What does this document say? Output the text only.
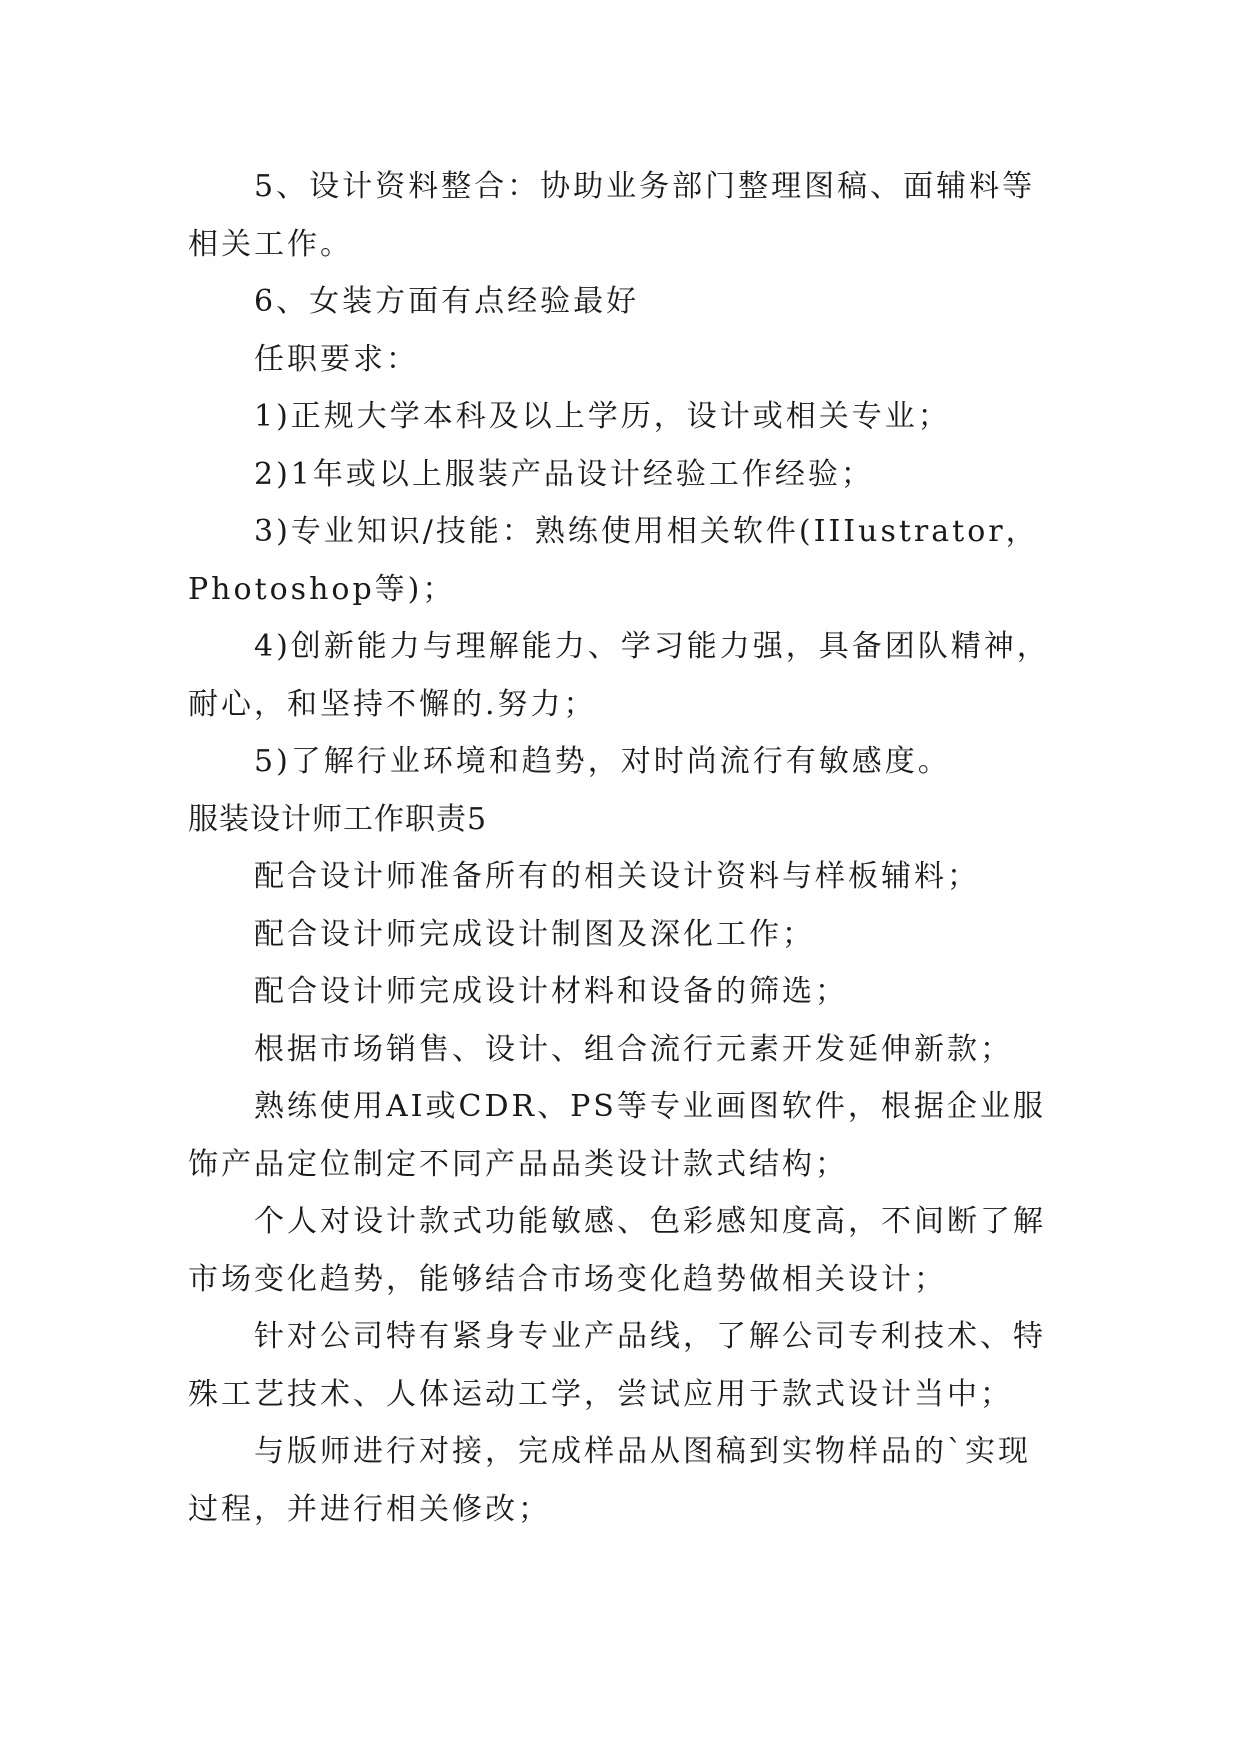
5、设计资料整合：协助业务部门整理图稿、面辅料等
相关工作。
6、女装方面有点经验最好
任职要求：
1)正规大学本科及以上学历，设计或相关专业；
2)1年或以上服装产品设计经验工作经验；
3)专业知识/技能：熟练使用相关软件(IIIustrator，
Photoshop等)；
4)创新能力与理解能力、学习能力强，具备团队精神，
耐心，和坚持不懈的.努力；
5)了解行业环境和趋势，对时尚流行有敏感度。
服装设计师工作职责5
配合设计师准备所有的相关设计资料与样板辅料；
配合设计师完成设计制图及深化工作；
配合设计师完成设计材料和设备的筛选；
根据市场销售、设计、组合流行元素开发延伸新款；
熟练使用AI或CDR、PS等专业画图软件，根据企业服
饰产品定位制定不同产品品类设计款式结构；
个人对设计款式功能敏感、色彩感知度高，不间断了解
市场变化趋势，能够结合市场变化趋势做相关设计；
针对公司特有紧身专业产品线，了解公司专利技术、特
殊工艺技术、人体运动工学，尝试应用于款式设计当中；
与版师进行对接，完成样品从图稿到实物样品的`实现
过程，并进行相关修改；
